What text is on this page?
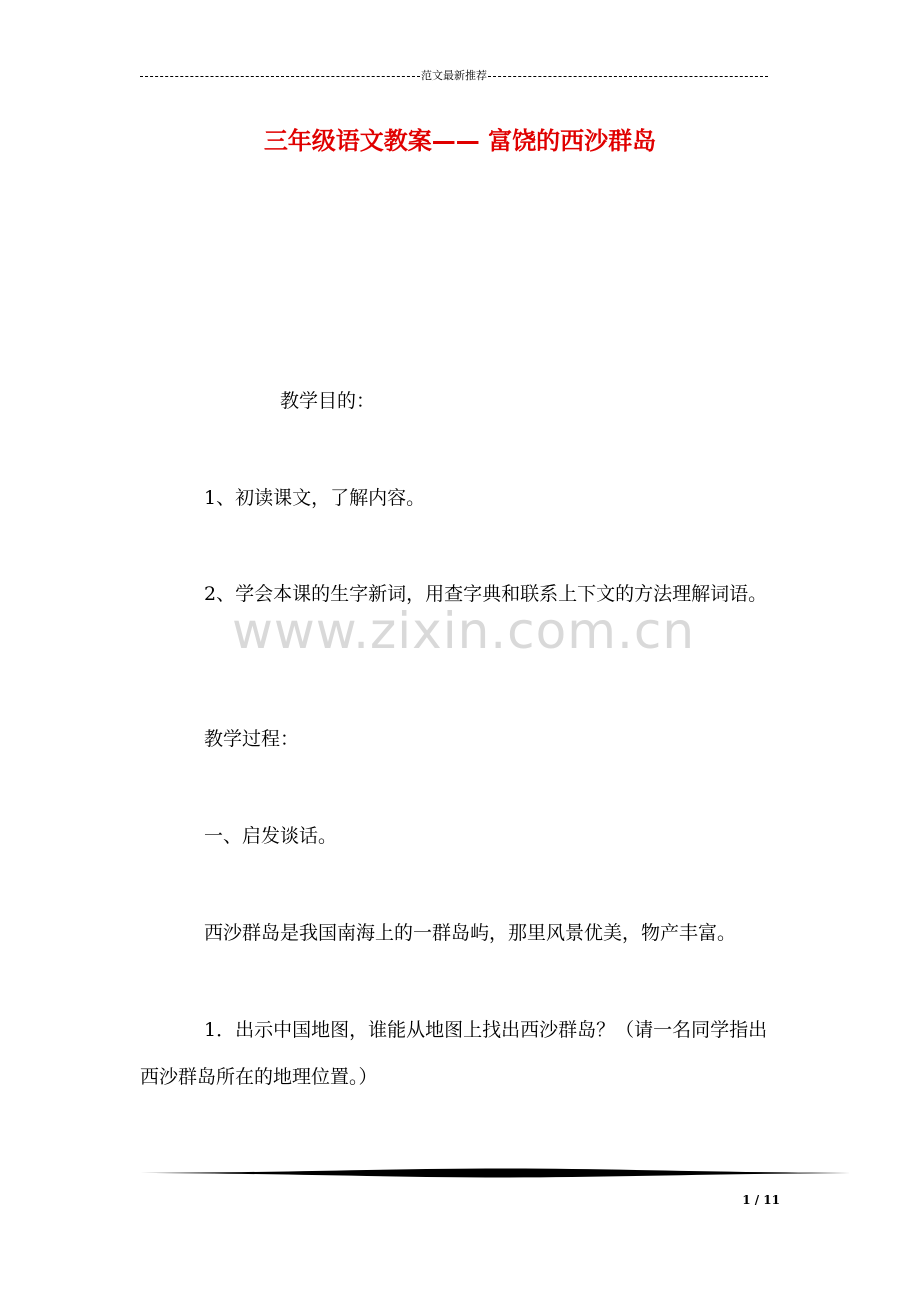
范文最新推荐
三年级语文教案—— 富饶的西沙群岛
教学目的：
1、初读课文，了解内容。
2、学会本课的生字新词，用查字典和联系上下文的方法理解词语。
www.zixin.com.cn
教学过程：
一、启发谈话。
西沙群岛是我国南海上的一群岛屿，那里风景优美，物产丰富。
1．出示中国地图，谁能从地图上找出西沙群岛？（请一名同学指出西沙群岛所在的地理位置。）
1 / 11
